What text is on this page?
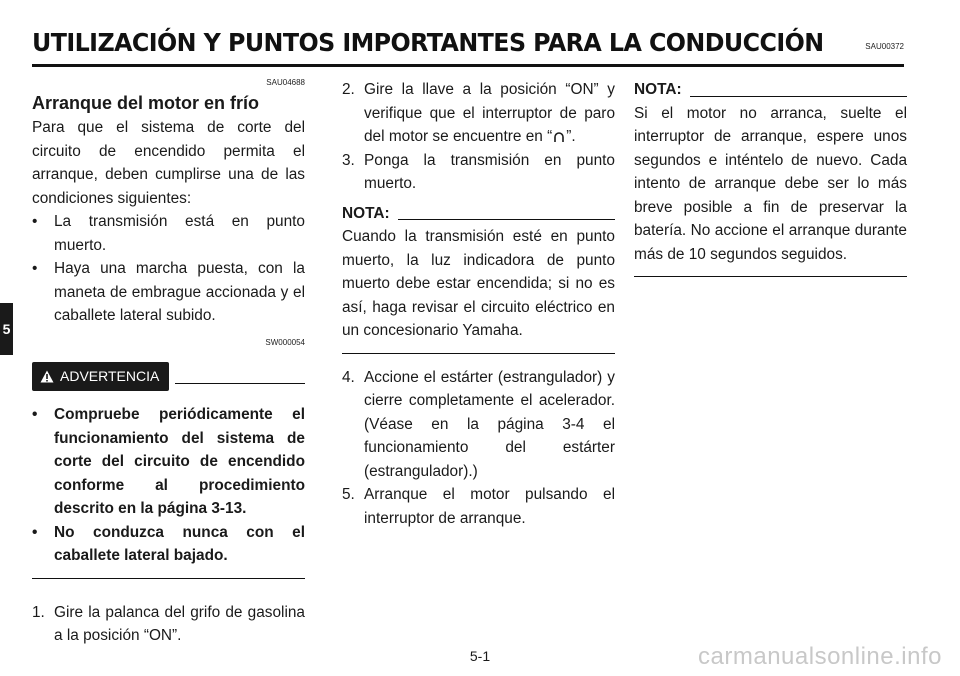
UTILIZACIÓN Y PUNTOS IMPORTANTES PARA LA CONDUCCIÓN	SAU00372
5
SAU04688
Arranque del motor en frío

Para que el sistema de corte del circuito de encendido permita el arranque, deben cumplirse una de las condiciones siguientes:

• La transmisión está en punto muerto.
• Haya una marcha puesta, con la maneta de embrague accionada y el caballete lateral subido.
SW000054
ADVERTENCIA
• Compruebe periódicamente el funcionamiento del sistema de corte del circuito de encendido conforme al procedimiento descrito en la página 3-13.
• No conduzca nunca con el caballete lateral bajado.
1. Gire la palanca del grifo de gasolina a la posición “ON”.
2. Gire la llave a la posición “ON” y verifique que el interruptor de paro del motor se encuentre en “ ”.
3. Ponga la transmisión en punto muerto.
NOTA:

Cuando la transmisión esté en punto muerto, la luz indicadora de punto muerto debe estar encendida; si no es así, haga revisar el circuito eléctrico en un concesionario Yamaha.

4. Accione el estárter (estrangulador) y cierre completamente el acelerador. (Véase en la página 3-4 el funcionamiento del estárter (estrangulador).)
5. Arranque el motor pulsando el interruptor de arranque.
NOTA:

Si el motor no arranca, suelte el interruptor de arranque, espere unos segundos e inténtelo de nuevo. Cada intento de arranque debe ser lo más breve posible a fin de preservar la batería. No accione el arranque durante más de 10 segundos seguidos.

5-1	carmanualsonline.info
